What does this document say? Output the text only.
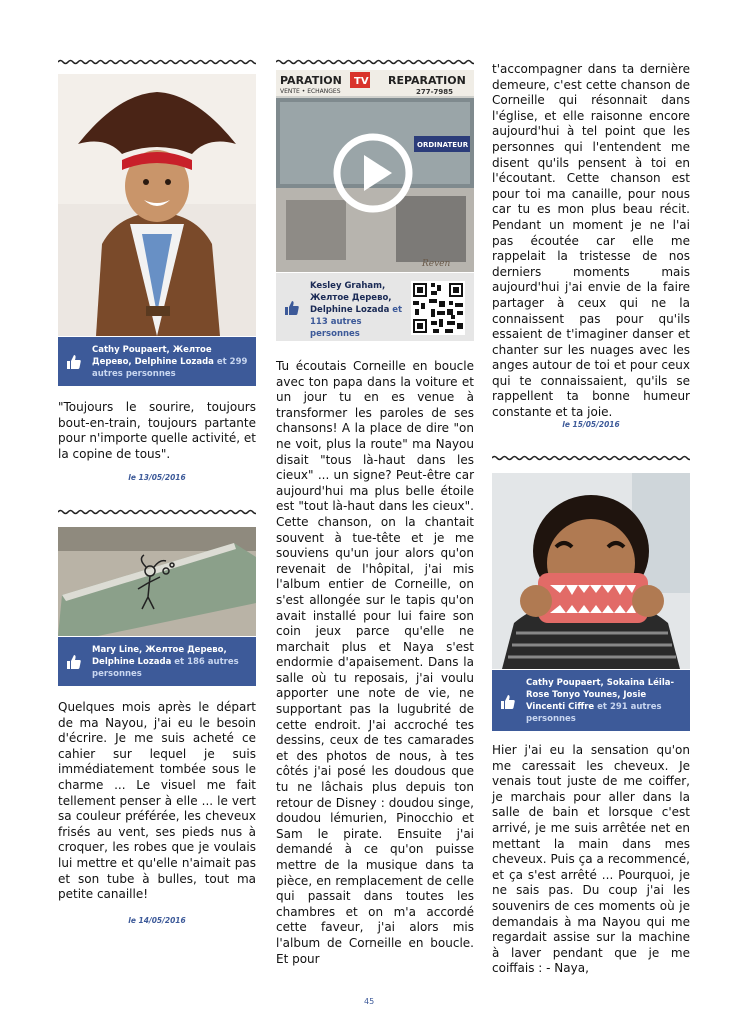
Cathy Poupaert, Желтое Дерево, Delphine Lozada et 299 autres personnes

"Toujours le sourire, toujours bout-en-train, toujours partante pour n'importe quelle activité, et la copine de tous".

le 13/05/2016
Mary Line, Желтое Дерево, Delphine Lozada et 186 autres personnes

Quelques mois après le départ de ma Nayou, j'ai eu le besoin d'écrire. Je me suis acheté ce cahier sur lequel je suis immédiatement tombée sous le charme ... Le visuel me fait tellement penser à elle ... le vert sa couleur préférée, les cheveux frisés au vent, ses pieds nus à croquer, les robes que je voulais lui mettre et qu'elle n'aimait pas et son tube à bulles, tout ma petite canaille!

le 14/05/2016
PARATION TV REPARATION
VENTE • ECHANGES	277-7985
ORDINATEUR
Reven
Kesley Graham, Желтое Дерево, Delphine Lozada et 113 autres personnes

Tu écoutais Corneille en boucle avec ton papa dans la voiture et un jour tu en es venue à transformer les paroles de ses chansons! A la place de dire "on ne voit, plus la route" ma Nayou disait "tous là-haut dans les cieux" ... un signe? Peut-être car aujourd'hui ma plus belle étoile est "tout là-haut dans les cieux". Cette chanson, on la chantait souvent à tue-tête et je me souviens qu'un jour alors qu'on revenait de l'hôpital, j'ai mis l'album entier de Corneille, on s'est allongée sur le tapis qu'on avait installé pour lui faire son coin jeux parce qu'elle ne marchait plus et Naya s'est endormie d'apaisement. Dans la salle où tu reposais, j'ai voulu apporter une note de vie, ne supportant pas la lugubrité de cette endroit. J'ai accroché tes dessins, ceux de tes camarades et des photos de nous, à tes côtés j'ai posé les doudous que tu ne lâchais plus depuis ton retour de Disney : doudou singe, doudou lémurien, Pinocchio et Sam le pirate. Ensuite j'ai demandé à ce qu'on puisse mettre de la musique dans ta pièce, en remplacement de celle qui passait dans toutes les chambres et on m'a accordé cette faveur, j'ai alors mis l'album de Corneille en boucle. Et pour

t'accompagner dans ta dernière demeure, c'est cette chanson de Corneille qui résonnait dans l'église, et elle raisonne encore aujourd'hui à tel point que les personnes qui l'entendent me disent qu'ils pensent à toi en l'écoutant. Cette chanson est pour toi ma canaille, pour nous car tu es mon plus beau récit. Pendant un moment je ne l'ai pas écoutée car elle me rappelait la tristesse de nos derniers moments mais aujourd'hui j'ai envie de la faire partager à ceux qui ne la connaissent pas pour qu'ils essaient de t'imaginer danser et chanter sur les nuages avec les anges autour de toi et pour ceux qui te connaissaient, qu'ils se rappellent ta bonne humeur constante et ta joie.

le 15/05/2016
Cathy Poupaert, Sokaina Léila-Rose Tonyo Younes, Josie Vincenti Ciffre et 291 autres personnes

Hier j'ai eu la sensation qu'on me caressait les cheveux. Je venais tout juste de me coiffer, je marchais pour aller dans la salle de bain et lorsque c'est arrivé, je me suis arrêtée net en mettant la main dans mes cheveux. Puis ça a recommencé, et ça s'est arrêté ... Pourquoi, je ne sais pas. Du coup j'ai les souvenirs de ces moments où je demandais à ma Nayou qui me regardait assise sur la machine à laver pendant que je me coiffais : - Naya,

45
